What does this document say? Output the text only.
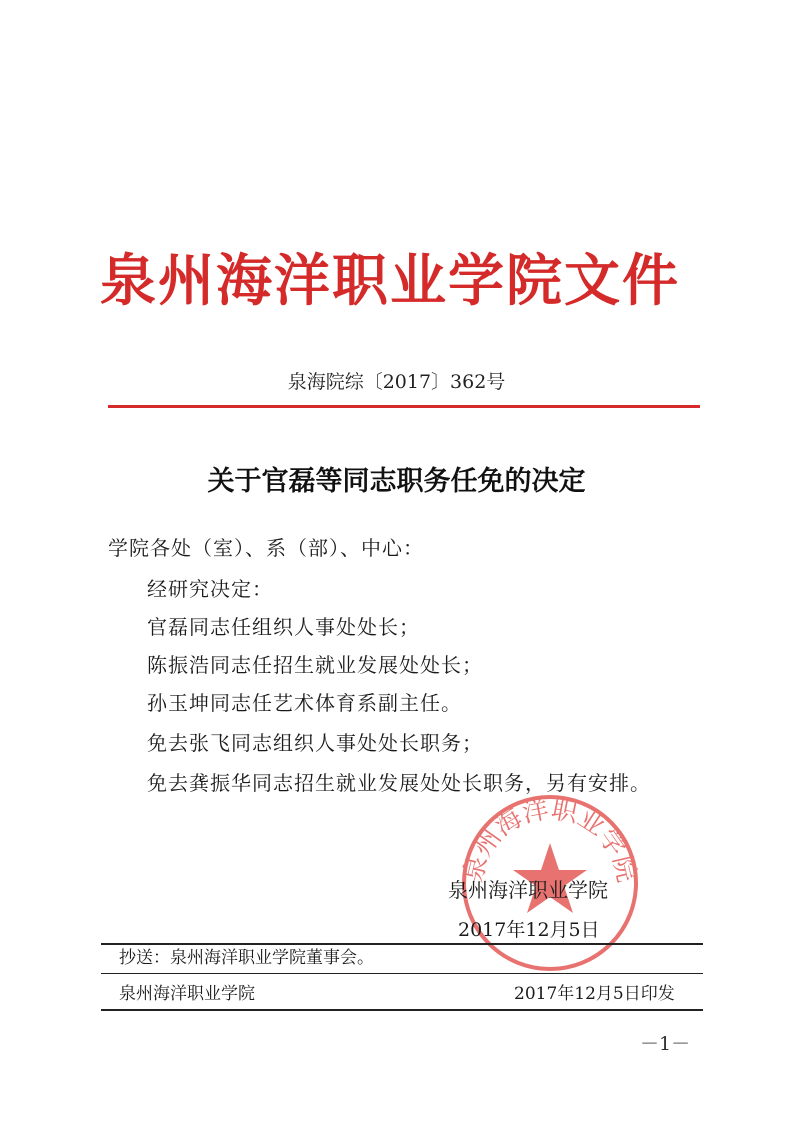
泉州海洋职业学院文件
泉海院综〔2017〕362号
关于官磊等同志职务任免的决定
学院各处（室）、系（部）、中心：
经研究决定：
官磊同志任组织人事处处长；
陈振浩同志任招生就业发展处处长；
孙玉坤同志任艺术体育系副主任。
免去张飞同志组织人事处处长职务；
免去龚振华同志招生就业发展处处长职务，另有安排。
泉州海洋职业学院
泉州海洋职业学院
2017年12月5日
抄送：泉州海洋职业学院董事会。
泉州海洋职业学院	2017年12月5日印发
－1－
